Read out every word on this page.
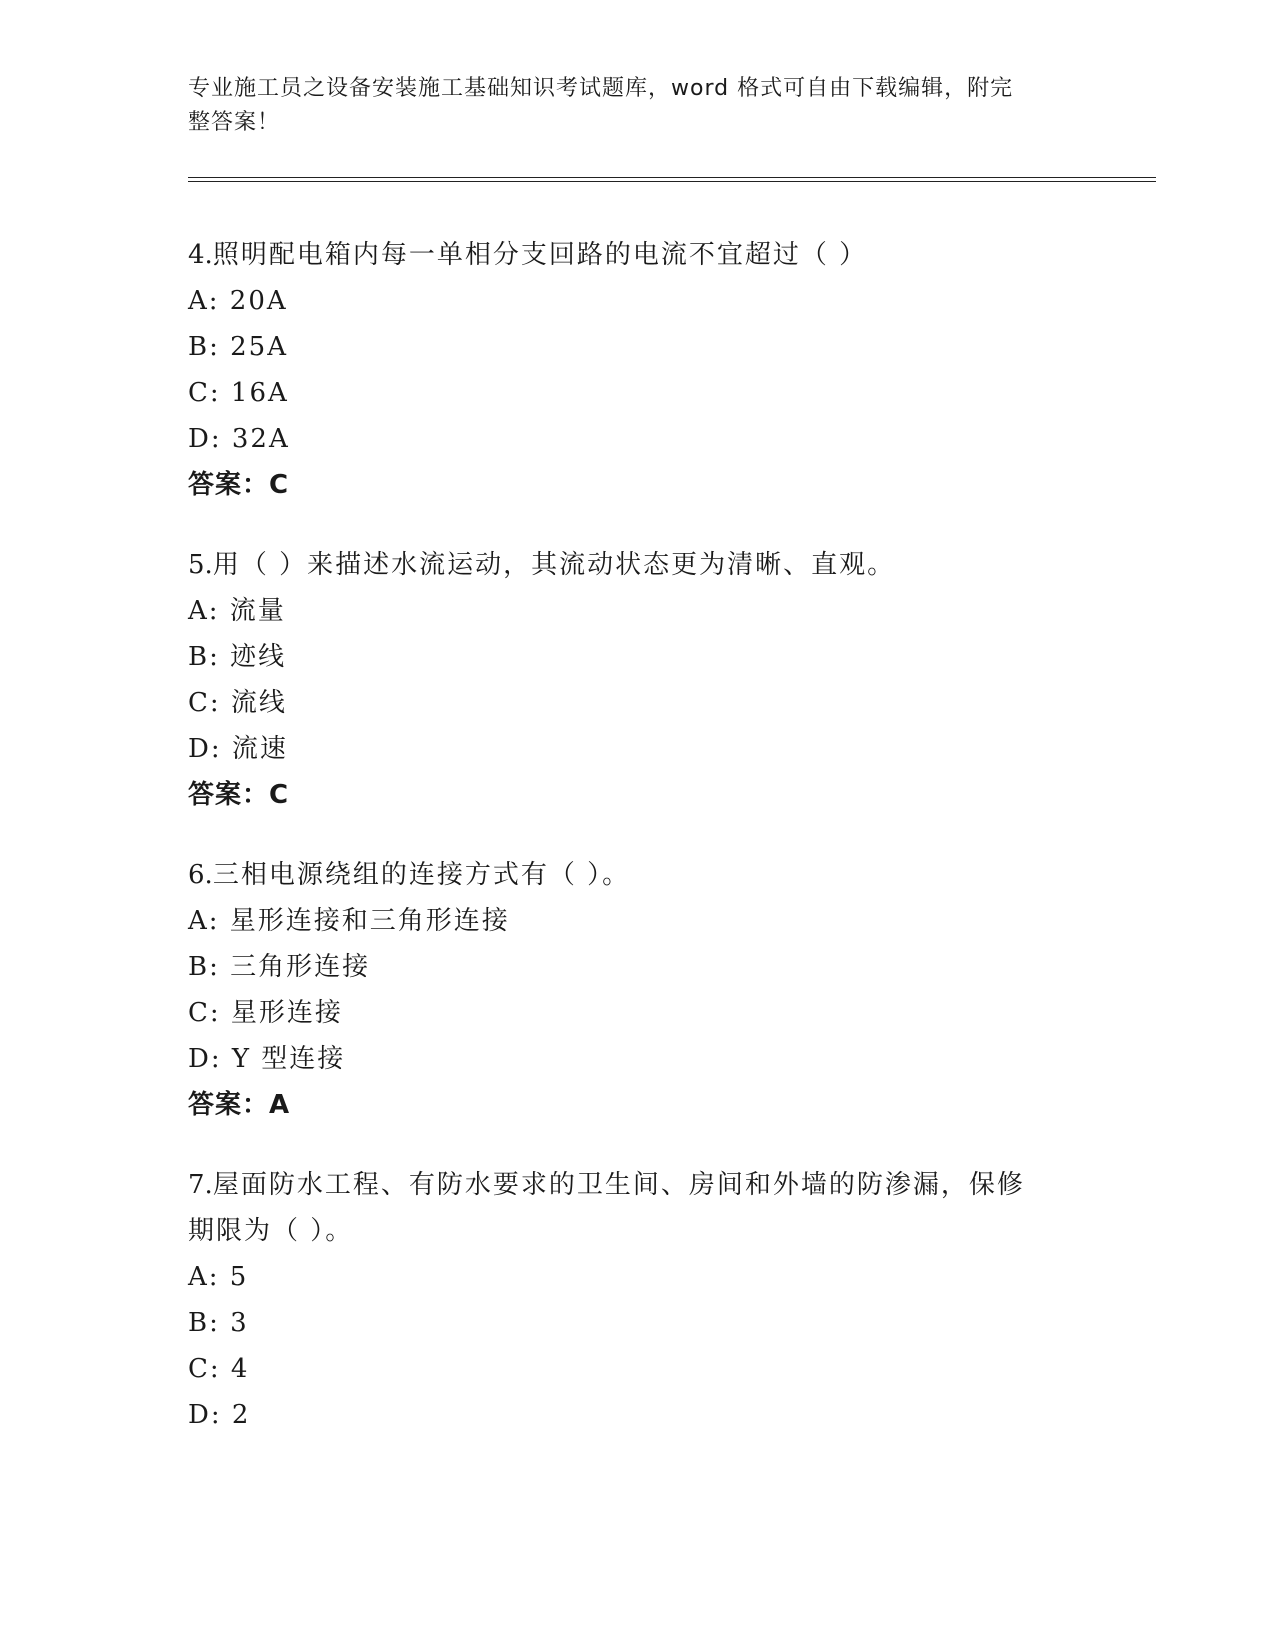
专业施工员之设备安装施工基础知识考试题库，word 格式可自由下载编辑，附完
整答案！
4.照明配电箱内每一单相分支回路的电流不宜超过（ ）
A: 20A
B: 25A
C: 16A
D: 32A
答案：C
5.用（ ）来描述水流运动，其流动状态更为清晰、直观。
A: 流量
B: 迹线
C: 流线
D: 流速
答案：C
6.三相电源绕组的连接方式有（ ）。
A: 星形连接和三角形连接
B: 三角形连接
C: 星形连接
D: Y 型连接
答案：A
7.屋面防水工程、有防水要求的卫生间、房间和外墙的防渗漏，保修
期限为（ ）。
A: 5
B: 3
C: 4
D: 2
